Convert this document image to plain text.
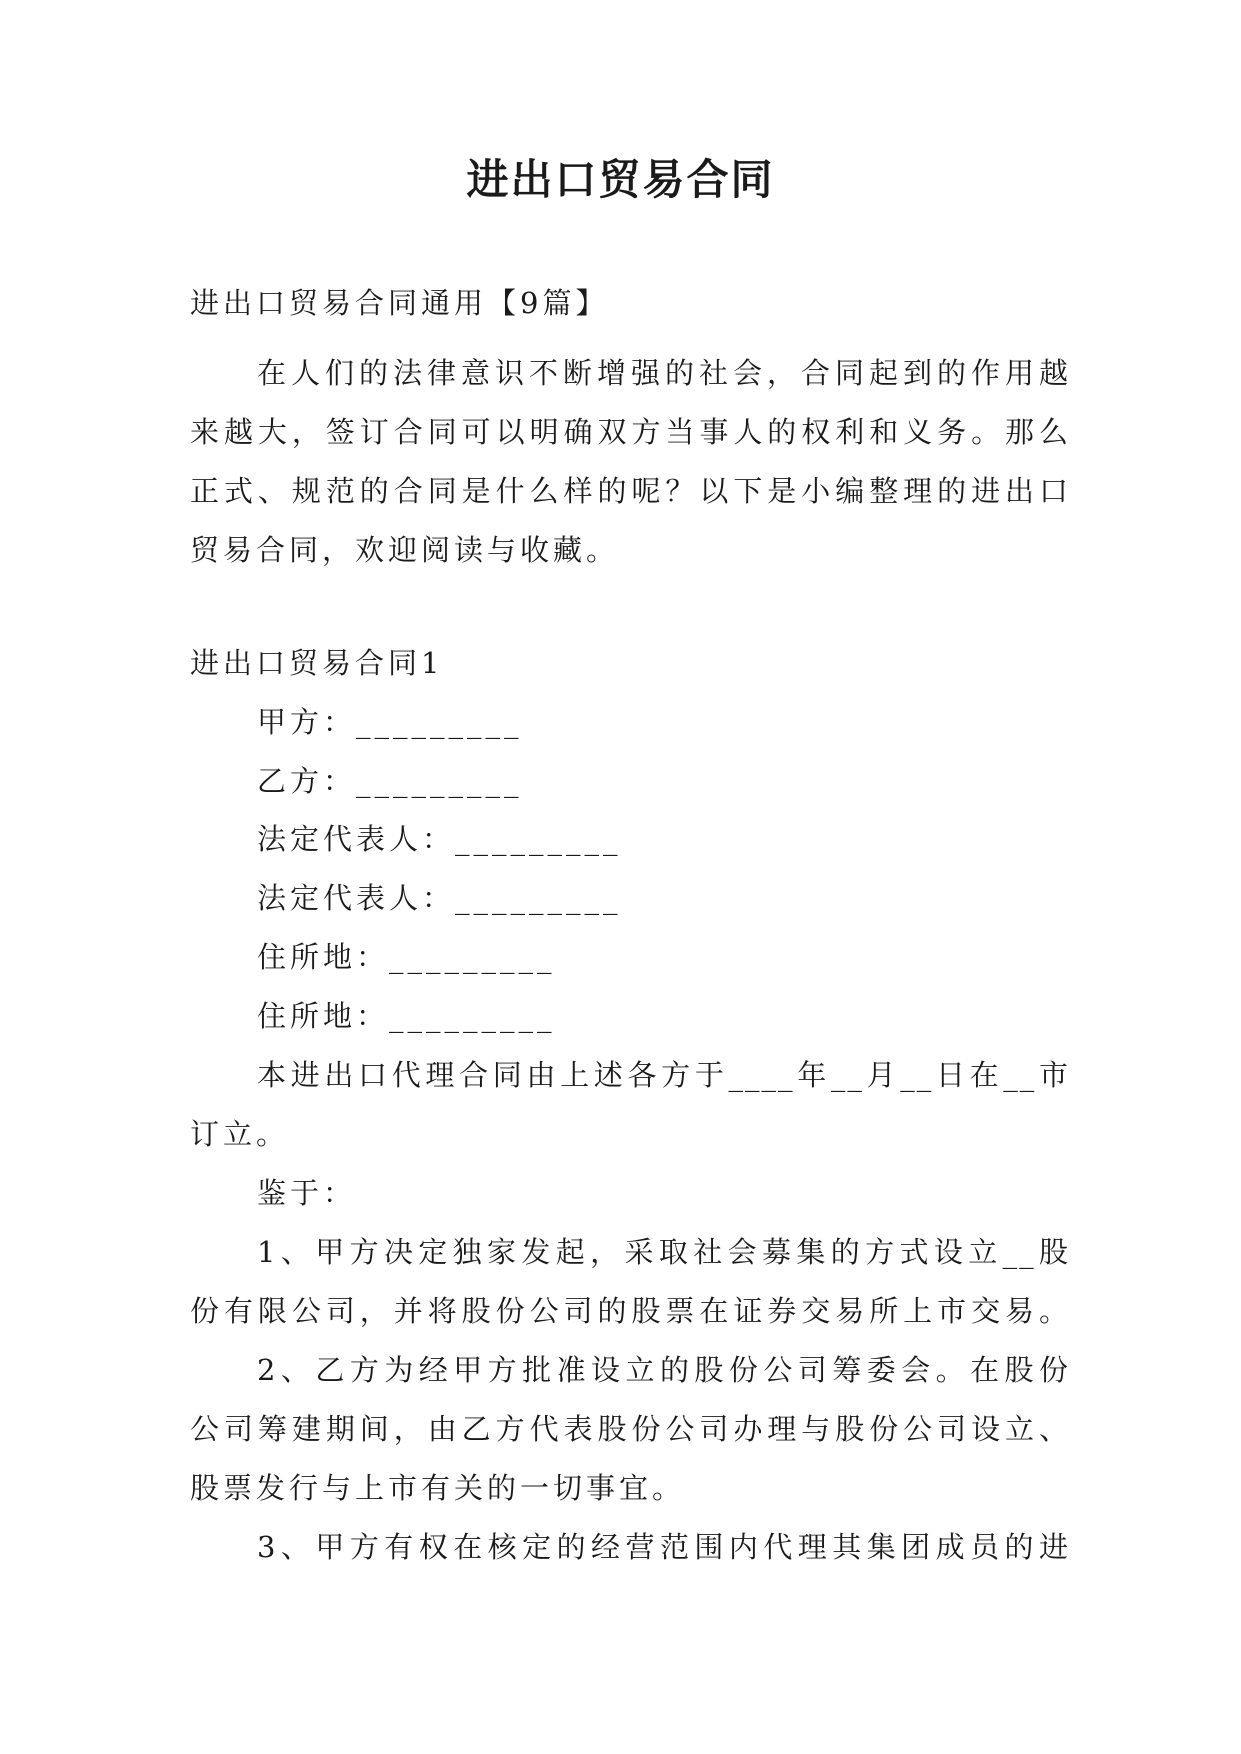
进出口贸易合同
进出口贸易合同通用【9篇】
在人们的法律意识不断增强的社会，合同起到的作用越
来越大，签订合同可以明确双方当事人的权利和义务。那么
正式、规范的合同是什么样的呢？以下是小编整理的进出口
贸易合同，欢迎阅读与收藏。
进出口贸易合同1
甲方：_________
乙方：_________
法定代表人：_________
法定代表人：_________
住所地：_________
住所地：_________
本进出口代理合同由上述各方于____年__月__日在__市
订立。
鉴于：
1、甲方决定独家发起，采取社会募集的方式设立__股
份有限公司，并将股份公司的股票在证券交易所上市交易。
2、乙方为经甲方批准设立的股份公司筹委会。在股份
公司筹建期间，由乙方代表股份公司办理与股份公司设立、
股票发行与上市有关的一切事宜。
3、甲方有权在核定的经营范围内代理其集团成员的进
